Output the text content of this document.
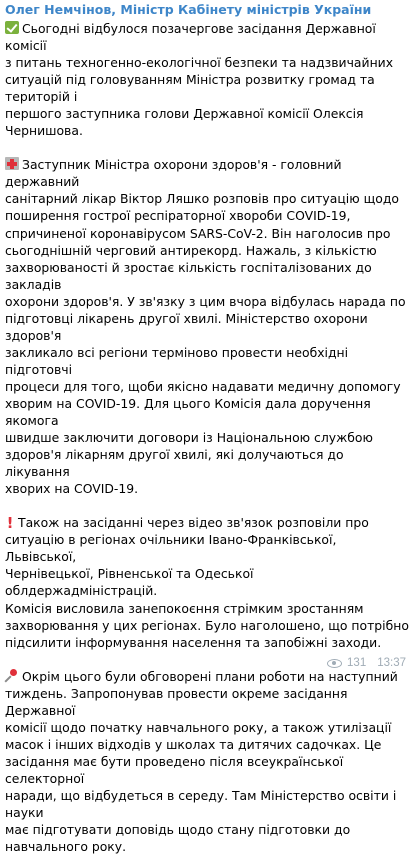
Олег Немчінов, Міністр Кабінету міністрів України
Сьогодні відбулося позачергове засідання Державної комісії
з питань техногенно-екологічної безпеки та надзвичайних
ситуацій під головуванням Міністра розвитку громад та територій і
першого заступника голови Державної комісії Олексія
Чернишова.
Заступник Міністра охорони здоров'я - головний державний
санітарний лікар Віктор Ляшко розповів про ситуацію щодо
поширення гострої респіраторної хвороби COVID-19,
спричиненої коронавірусом SARS-CoV-2. Він наголосив про
сьогоднішній черговий антирекорд. Нажаль, з кількістю
захворюваності й зростає кількість госпіталізованих до закладів
охорони здоров'я. У зв'язку з цим вчора відбулась нарада по
підготовці лікарень другої хвилі. Міністерство охорони здоров'я
закликало всі регіони терміново провести необхідні підготовчі
процеси для того, щоби якісно надавати медичну допомогу
хворим на COVID-19. Для цього Комісія дала доручення якомога
швидше заключити договори із Національною службою
здоров'я лікарням другої хвилі, які долучаються до лікування
хворих на COVID-19.
! Також на засіданні через відео зв'язок розповіли про
ситуацію в регіонах очільники Івано-Франківської, Львівської,
Чернівецької, Рівненської та Одеської облдержадміністрацій.
Комісія висловила занепокоєння стрімким зростанням
захворювання у цих регіонах. Було наголошено, що потрібно
підсилити інформування населення та запобіжні заходи.
Окрім цього були обговорені плани роботи на наступний
тиждень. Запропонував провести окреме засідання Державної
комісії щодо початку навчального року, а також утилізації
масок і інших відходів у школах та дитячих садочках. Це
засідання має бути проведено після всеукраїнської селекторної
наради, що відбудеться в середу. Там Міністерство освіти і науки
має підготувати доповідь щодо стану підготовки до
навчального року.
131 13:37
